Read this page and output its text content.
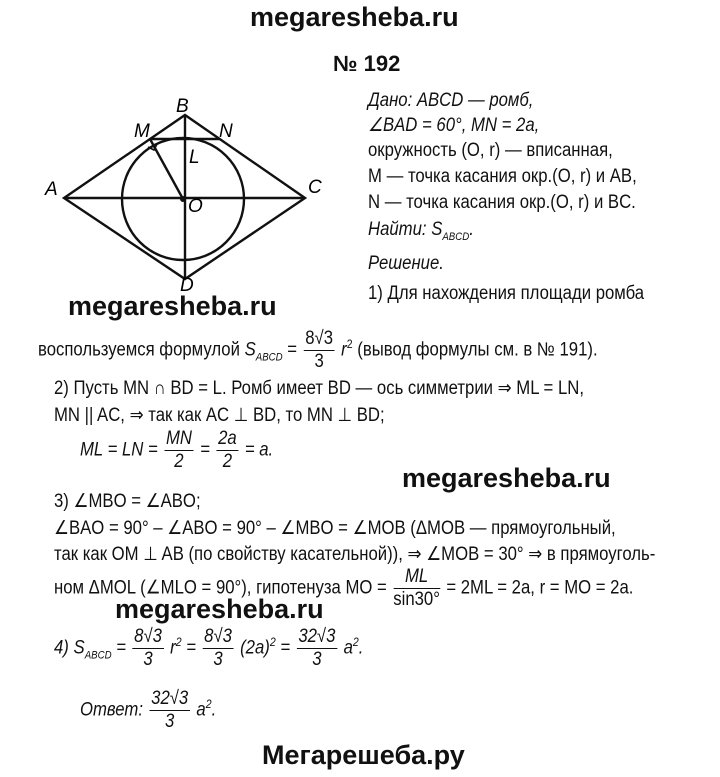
megaresheba.ru
№ 192
B
M	N
L
A	C
O
D
Дано: ABCD — ромб,
∠BAD = 60°, MN = 2a,
окружность (O, r) — вписанная,
M — точка касания окр.(O, r) и AB,
N — точка касания окр.(O, r) и BC.
Найти: $S_{ABCD}$.
Решение.
megaresheba.ru	1) Для нахождения площади ромба
воспользуемся формулой $S_{ABCD} = \frac{8√3}{3} r^2$ (вывод формулы см. в № 191).
2) Пусть MN ∩ BD = L. Ромб имеет BD — ось симметрии ⇒ ML = LN,
MN || AC, ⇒ так как AC ⊥ BD, то MN ⊥ BD;
ML = LN = $\frac{MN}{2} = \frac{2a}{2} = a$.
megaresheba.ru
3) ∠MBO = ∠ABO;
∠BAO = 90° – ∠ABO = 90° – ∠MBO = ∠MOB (ΔMOB — прямоугольный,
так как OM ⊥ AB (по свойству касательной)), ⇒ ∠MOB = 30° ⇒ в прямоуголь-
ном ΔMOL (∠MLO = 90°), гипотенуза MO = $\frac{ML}{\sin 30^\circ} = 2ML = 2a$, r = MO = 2a.
megaresheba.ru
4) $S_{ABCD} = \frac{8√3}{3} r^2 = \frac{8√3}{3} (2a)^2 = \frac{32√3}{3} a^2$.
Ответ: $\frac{32√3}{3} a^2$.
Мегарешеба.ру
